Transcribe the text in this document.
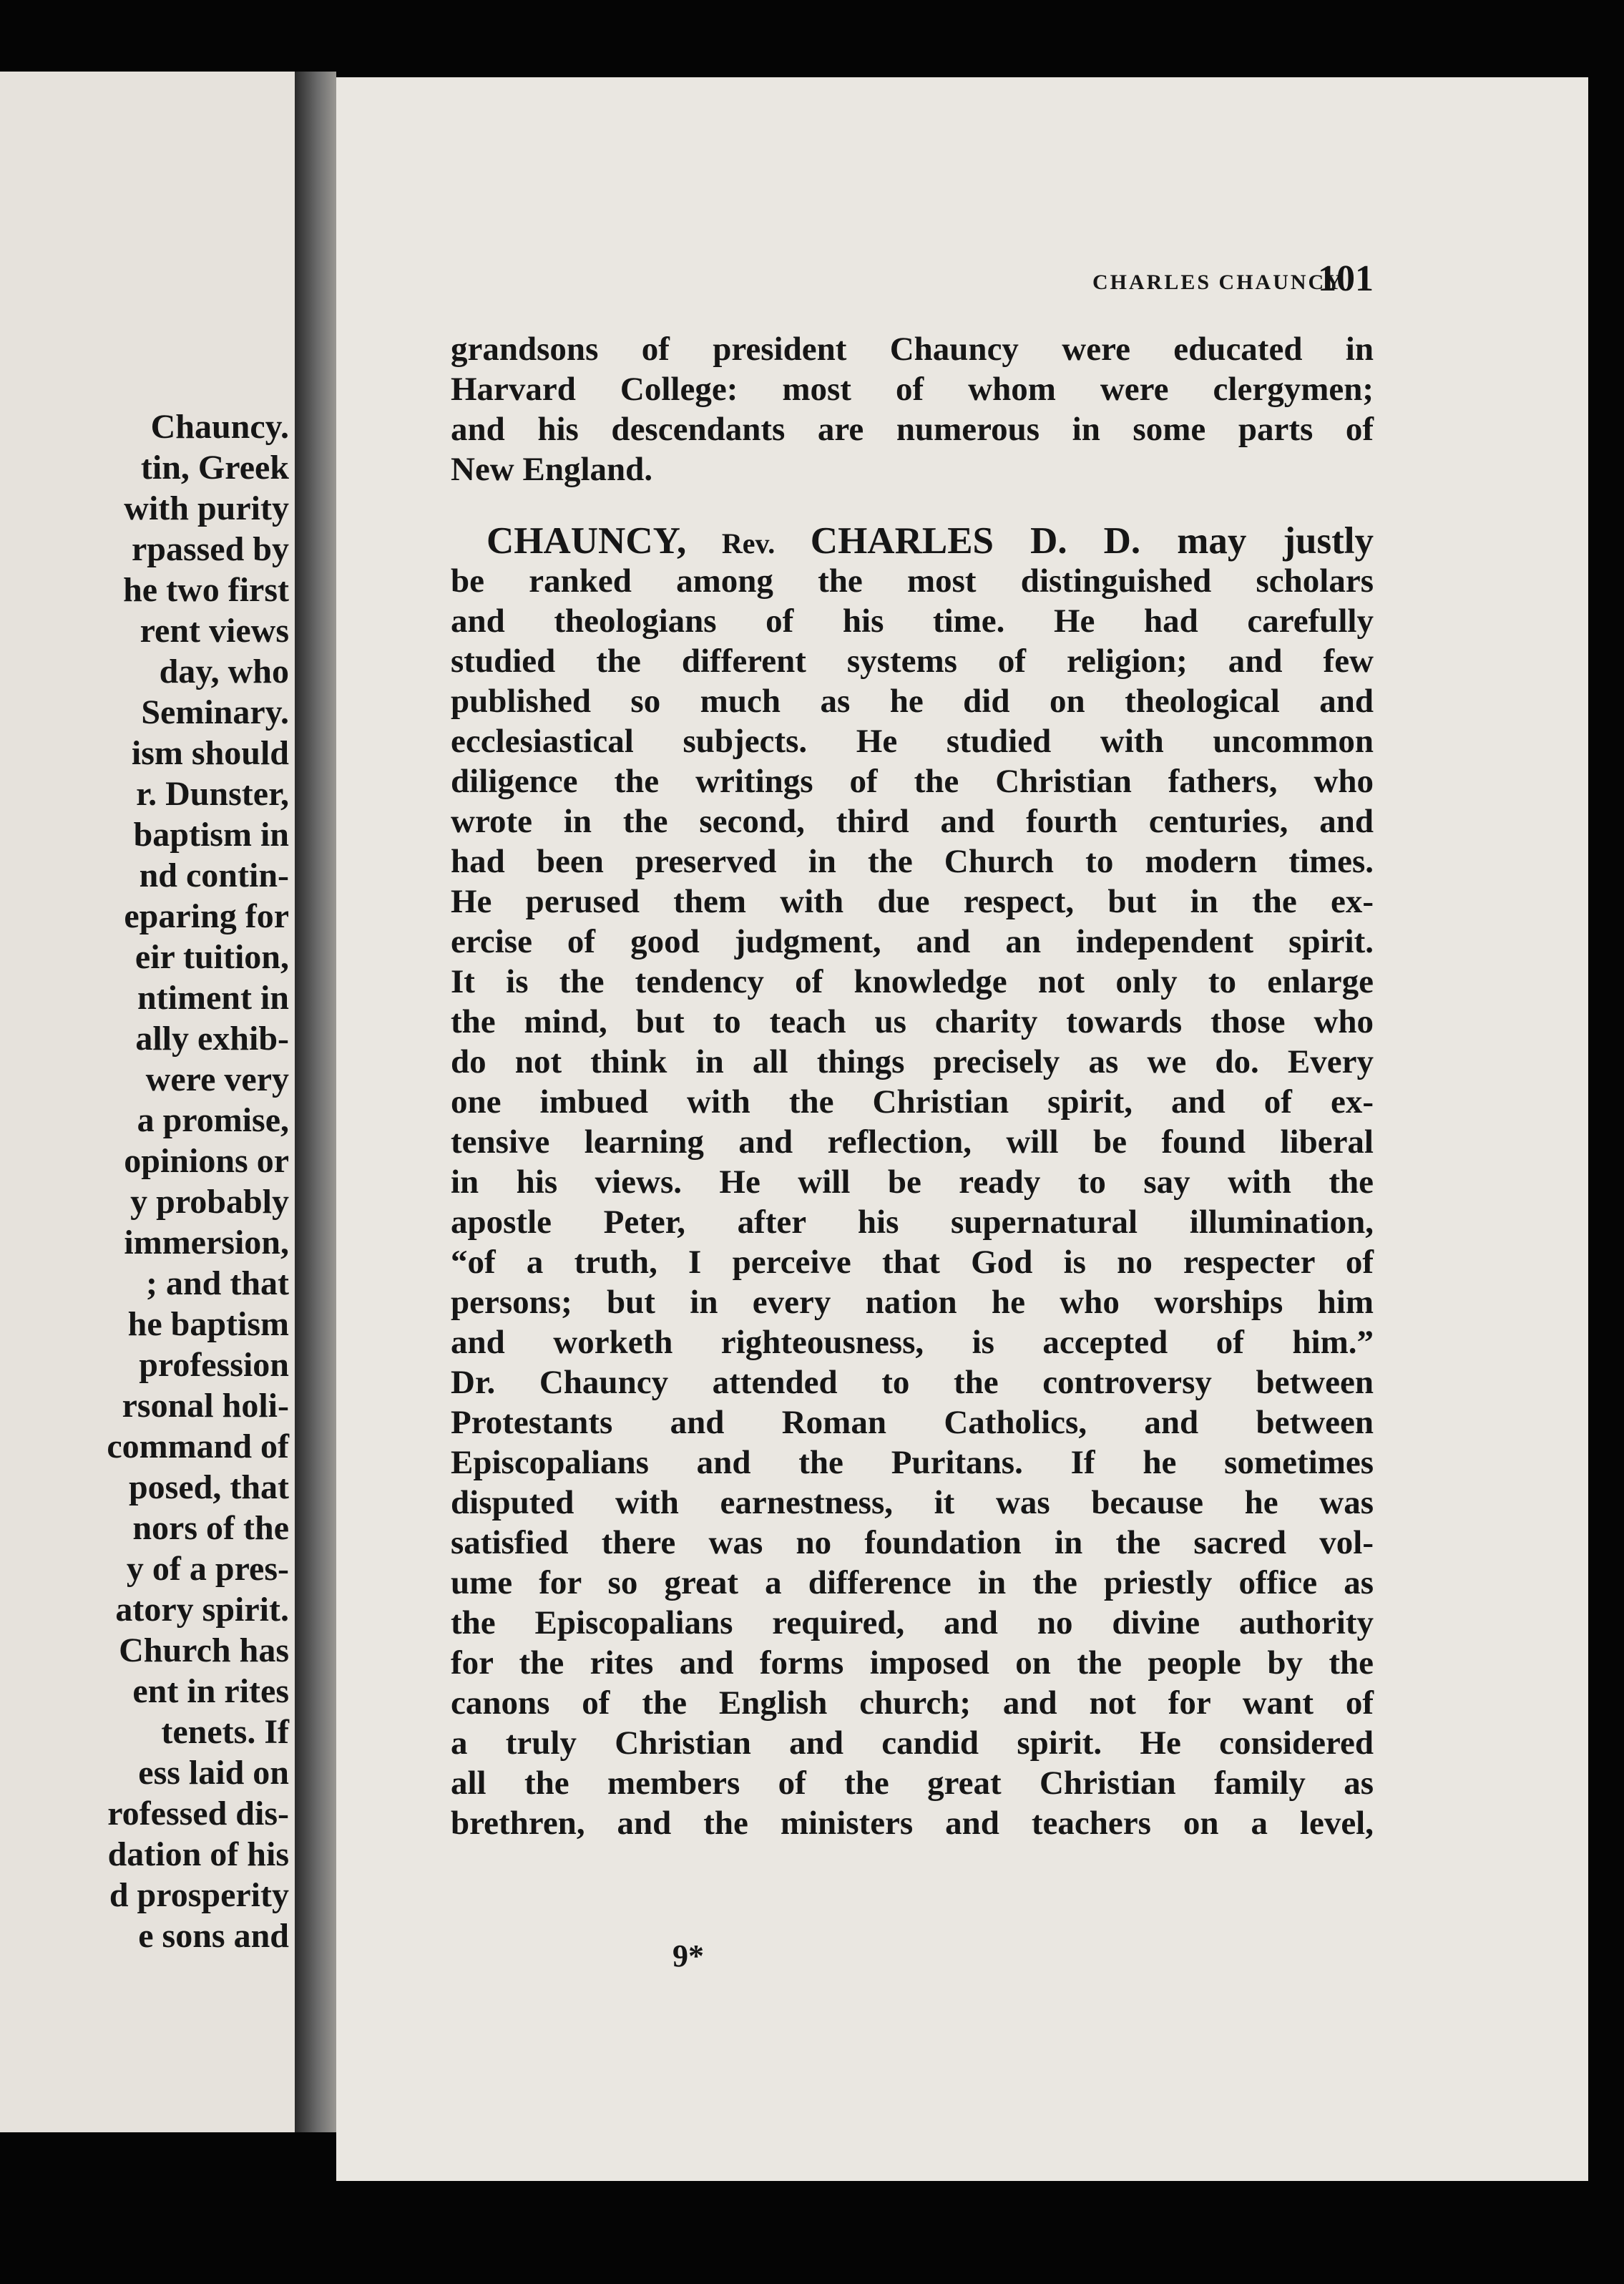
Chauncy.
tin, Greek
with purity
rpassed by
he two first
rent views
day, who
Seminary.
ism should
r. Dunster,
baptism in
nd contin-
eparing for
eir tuition,
ntiment in
ally exhib-
were very
a promise,
opinions or
y probably
immersion,
; and that
he baptism
profession
rsonal holi-
command of
posed, that
nors of the
y of a pres-
atory spirit.
Church has
ent in rites
tenets. If
ess laid on
rofessed dis-
dation of his
d prosperity
e sons and
CHARLES CHAUNCY
101
grandsons of president Chauncy were educated in
Harvard College: most of whom were clergymen;
and his descendants are numerous in some parts of
New England.
CHAUNCY, Rev. CHARLES D. D. may justly
be ranked among the most distinguished scholars
and theologians of his time. He had carefully
studied the different systems of religion; and few
published so much as he did on theological and
ecclesiastical subjects. He studied with uncommon
diligence the writings of the Christian fathers, who
wrote in the second, third and fourth centuries, and
had been preserved in the Church to modern times.
He perused them with due respect, but in the ex-
ercise of good judgment, and an independent spirit.
It is the tendency of knowledge not only to enlarge
the mind, but to teach us charity towards those who
do not think in all things precisely as we do. Every
one imbued with the Christian spirit, and of ex-
tensive learning and reflection, will be found liberal
in his views. He will be ready to say with the
apostle Peter, after his supernatural illumination,
“of a truth, I perceive that God is no respecter of
persons; but in every nation he who worships him
and worketh righteousness, is accepted of him.”
Dr. Chauncy attended to the controversy between
Protestants and Roman Catholics, and between
Episcopalians and the Puritans. If he sometimes
disputed with earnestness, it was because he was
satisfied there was no foundation in the sacred vol-
ume for so great a difference in the priestly office as
the Episcopalians required, and no divine authority
for the rites and forms imposed on the people by the
canons of the English church; and not for want of
a truly Christian and candid spirit. He considered
all the members of the great Christian family as
brethren, and the ministers and teachers on a level,
9*
